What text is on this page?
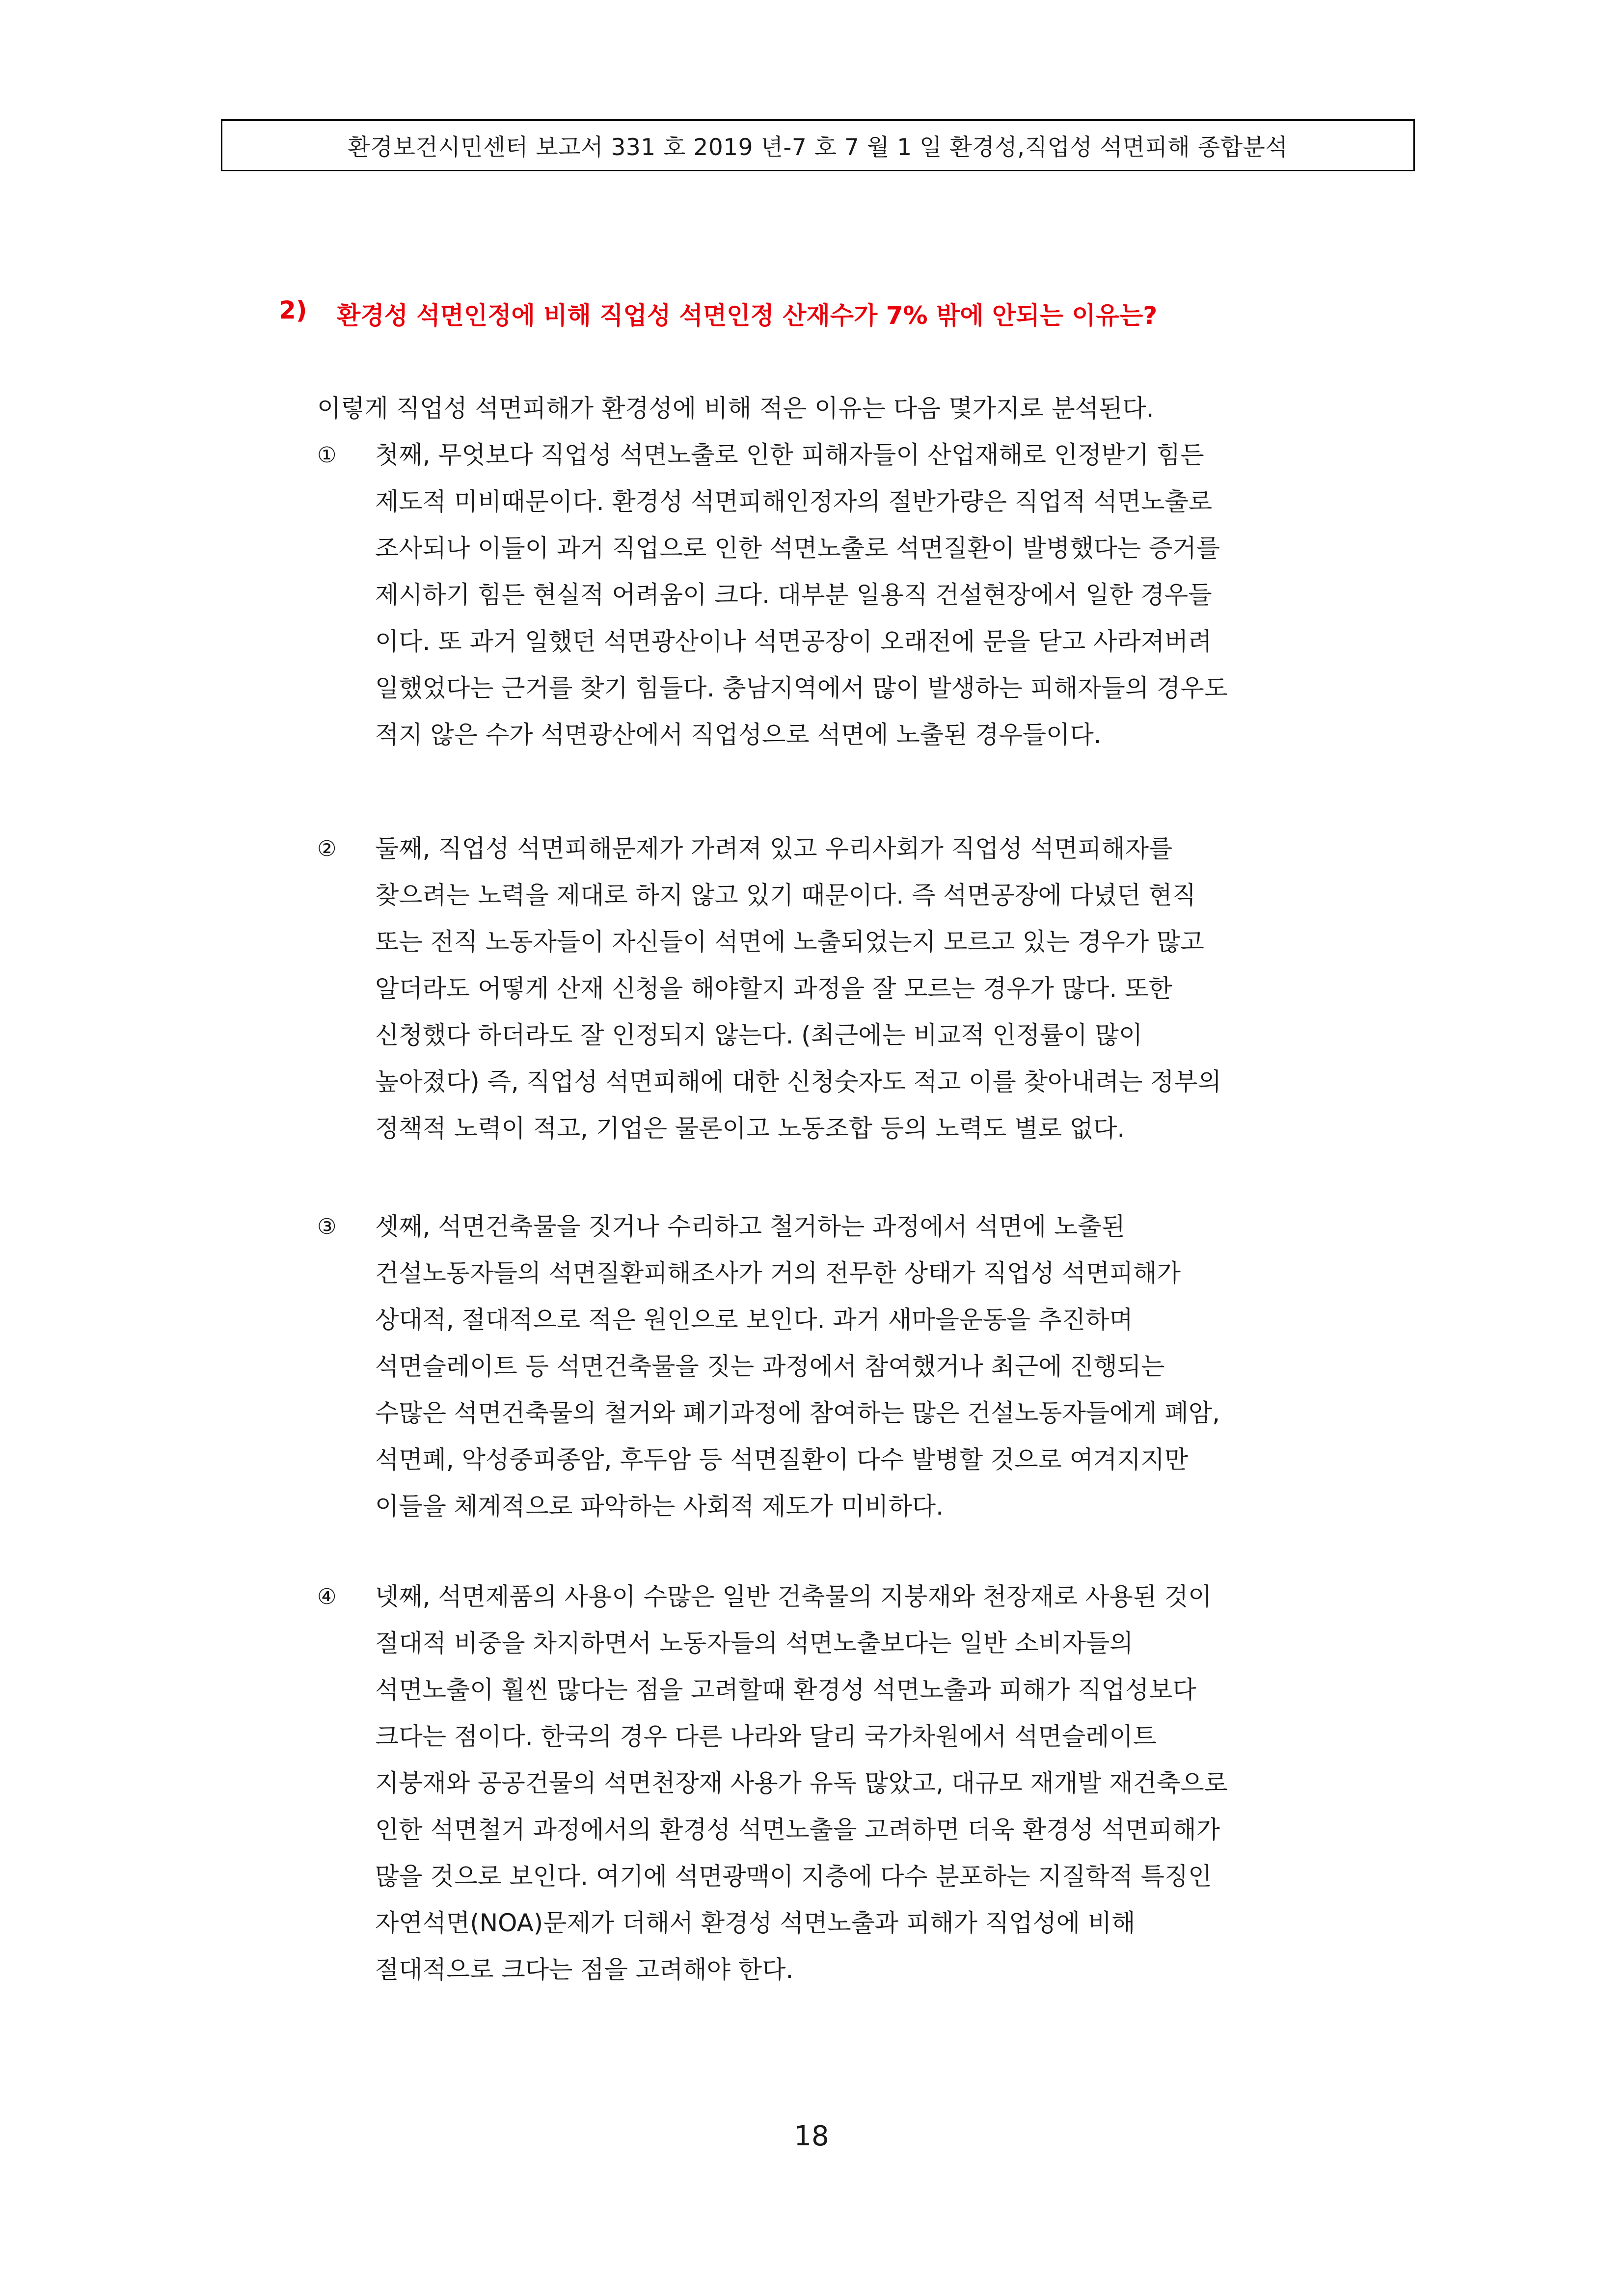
환경보건시민센터 보고서 331 호 2019 년-7 호 7 월 1 일 환경성,직업성 석면피해 종합분석
2)	환경성 석면인정에 비해 직업성 석면인정 산재수가 7% 밖에 안되는 이유는?
이렇게 직업성 석면피해가 환경성에 비해 적은 이유는 다음 몇가지로 분석된다.
①	첫째, 무엇보다 직업성 석면노출로 인한 피해자들이 산업재해로 인정받기 힘든
제도적 미비때문이다. 환경성 석면피해인정자의 절반가량은 직업적 석면노출로
조사되나 이들이 과거 직업으로 인한 석면노출로 석면질환이 발병했다는 증거를
제시하기 힘든 현실적 어려움이 크다. 대부분 일용직 건설현장에서 일한 경우들
이다. 또 과거 일했던 석면광산이나 석면공장이 오래전에 문을 닫고 사라져버려
일했었다는 근거를 찾기 힘들다. 충남지역에서 많이 발생하는 피해자들의 경우도
적지 않은 수가 석면광산에서 직업성으로 석면에 노출된 경우들이다.
②	둘째, 직업성 석면피해문제가 가려져 있고 우리사회가 직업성 석면피해자를
찾으려는 노력을 제대로 하지 않고 있기 때문이다. 즉 석면공장에 다녔던 현직
또는 전직 노동자들이 자신들이 석면에 노출되었는지 모르고 있는 경우가 많고
알더라도 어떻게 산재 신청을 해야할지 과정을 잘 모르는 경우가 많다. 또한
신청했다 하더라도 잘 인정되지 않는다. (최근에는 비교적 인정률이 많이
높아졌다) 즉, 직업성 석면피해에 대한 신청숫자도 적고 이를 찾아내려는 정부의
정책적 노력이 적고, 기업은 물론이고 노동조합 등의 노력도 별로 없다.
③	셋째, 석면건축물을 짓거나 수리하고 철거하는 과정에서 석면에 노출된
건설노동자들의 석면질환피해조사가 거의 전무한 상태가 직업성 석면피해가
상대적, 절대적으로 적은 원인으로 보인다. 과거 새마을운동을 추진하며
석면슬레이트 등 석면건축물을 짓는 과정에서 참여했거나 최근에 진행되는
수많은 석면건축물의 철거와 폐기과정에 참여하는 많은 건설노동자들에게 폐암,
석면폐, 악성중피종암, 후두암 등 석면질환이 다수 발병할 것으로 여겨지지만
이들을 체계적으로 파악하는 사회적 제도가 미비하다.
④	넷째, 석면제품의 사용이 수많은 일반 건축물의 지붕재와 천장재로 사용된 것이
절대적 비중을 차지하면서 노동자들의 석면노출보다는 일반 소비자들의
석면노출이 훨씬 많다는 점을 고려할때 환경성 석면노출과 피해가 직업성보다
크다는 점이다. 한국의 경우 다른 나라와 달리 국가차원에서 석면슬레이트
지붕재와 공공건물의 석면천장재 사용가 유독 많았고, 대규모 재개발 재건축으로
인한 석면철거 과정에서의 환경성 석면노출을 고려하면 더욱 환경성 석면피해가
많을 것으로 보인다. 여기에 석면광맥이 지층에 다수 분포하는 지질학적 특징인
자연석면(NOA)문제가 더해서 환경성 석면노출과 피해가 직업성에 비해
절대적으로 크다는 점을 고려해야 한다.
18
